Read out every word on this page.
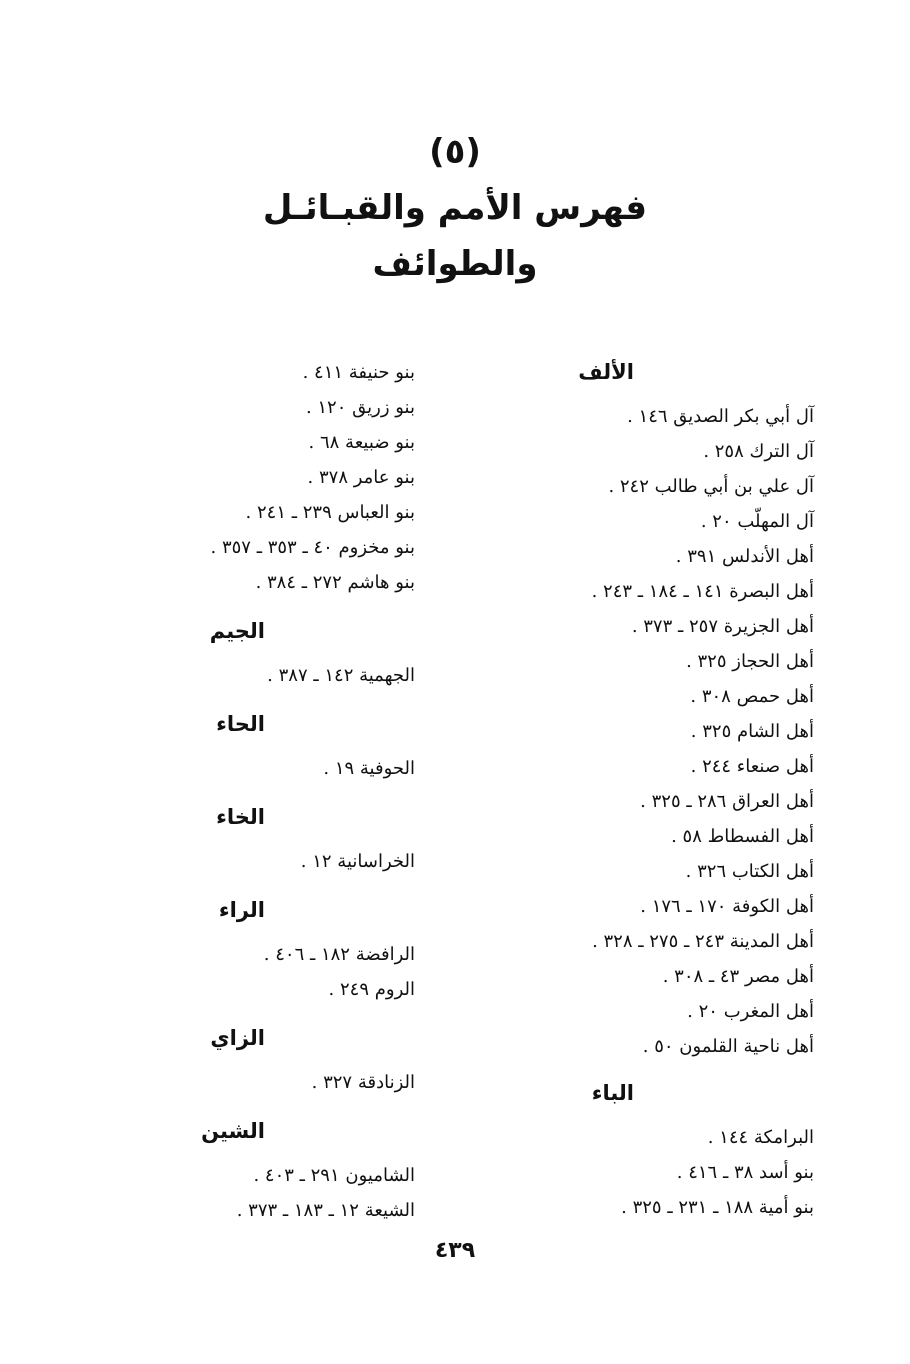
(٥)
فهرس الأمم والقبـائـل
والطوائف
الألف
آل أبي بكر الصديق ١٤٦ .
آل الترك ٢٥٨ .
آل علي بن أبي طالب ٢٤٢ .
آل المهلّب ٢٠ .
أهل الأندلس ٣٩١ .
أهل البصرة ١٤١ ـ ١٨٤ ـ ٢٤٣ .
أهل الجزيرة ٢٥٧ ـ ٣٧٣ .
أهل الحجاز ٣٢٥ .
أهل حمص ٣٠٨ .
أهل الشام ٣٢٥ .
أهل صنعاء ٢٤٤ .
أهل العراق ٢٨٦ ـ ٣٢٥ .
أهل الفسطاط ٥٨ .
أهل الكتاب ٣٢٦ .
أهل الكوفة ١٧٠ ـ ١٧٦ .
أهل المدينة ٢٤٣ ـ ٢٧٥ ـ ٣٢٨ .
أهل مصر ٤٣ ـ ٣٠٨ .
أهل المغرب ٢٠ .
أهل ناحية القلمون ٥٠ .
الباء
البرامكة ١٤٤ .
بنو أسد ٣٨ ـ ٤١٦ .
بنو أمية ١٨٨ ـ ٢٣١ ـ ٣٢٥ .
بنو حنيفة ٤١١ .
بنو زريق ١٢٠ .
بنو ضبيعة ٦٨ .
بنو عامر ٣٧٨ .
بنو العباس ٢٣٩ ـ ٢٤١ .
بنو مخزوم ٤٠ ـ ٣٥٣ ـ ٣٥٧ .
بنو هاشم ٢٧٢ ـ ٣٨٤ .
الجيم
الجهمية ١٤٢ ـ ٣٨٧ .
الحاء
الحوفية ١٩ .
الخاء
الخراسانية ١٢ .
الراء
الرافضة ١٨٢ ـ ٤٠٦ .
الروم ٢٤٩ .
الزاي
الزنادقة ٣٢٧ .
الشين
الشاميون ٢٩١ ـ ٤٠٣ .
الشيعة ١٢ ـ ١٨٣ ـ ٣٧٣ .
٤٣٩
